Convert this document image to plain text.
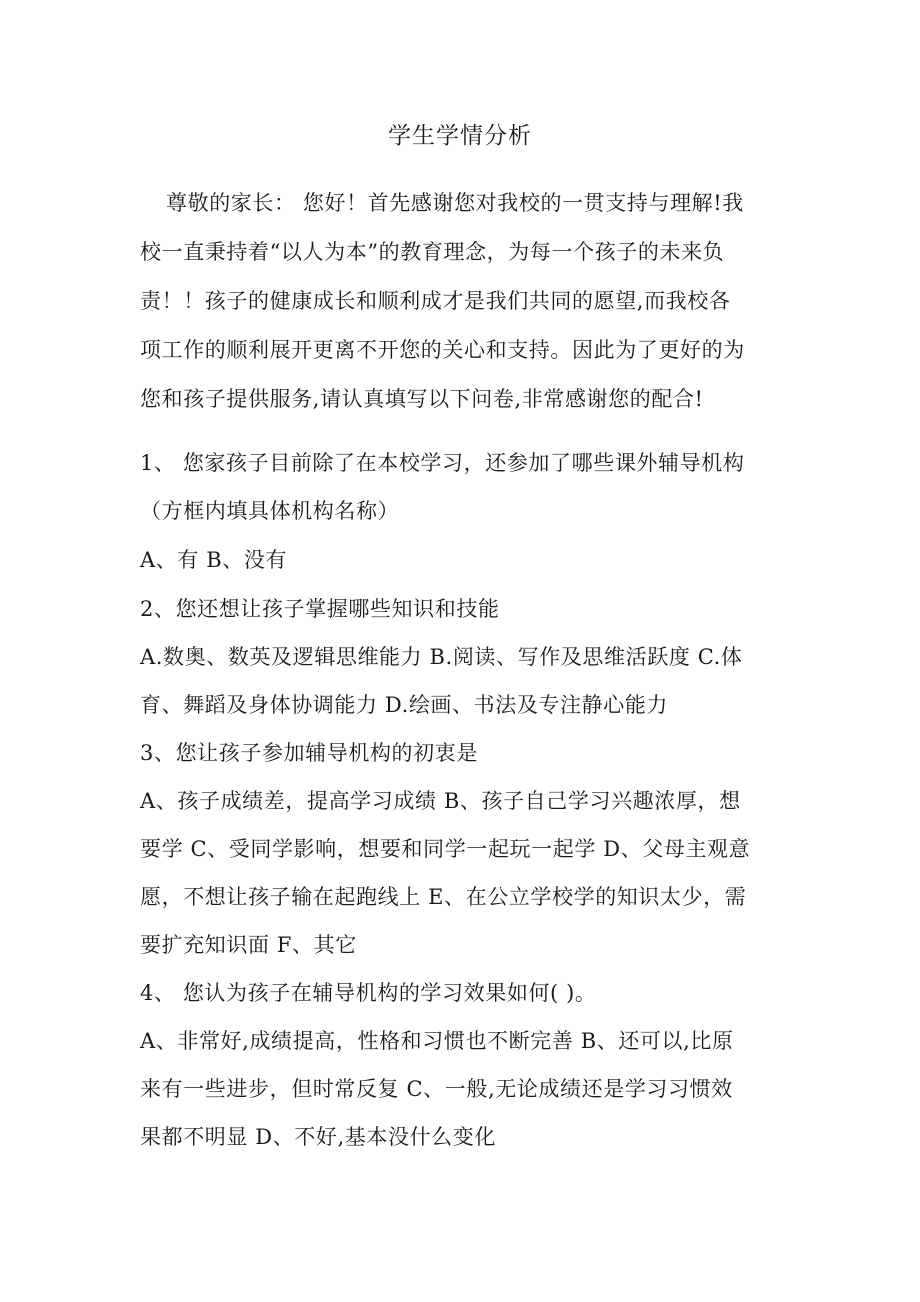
学生学情分析
尊敬的家长： 您好！首先感谢您对我校的一贯支持与理解!我
校一直秉持着“以人为本”的教育理念，为每一个孩子的未来负
责！！孩子的健康成长和顺利成才是我们共同的愿望,而我校各
项工作的顺利展开更离不开您的关心和支持。因此为了更好的为
您和孩子提供服务,请认真填写以下问卷,非常感谢您的配合!
1、 您家孩子目前除了在本校学习，还参加了哪些课外辅导机构
（方框内填具体机构名称）
A、有 B、没有
2、您还想让孩子掌握哪些知识和技能
A.数奥、数英及逻辑思维能力 B.阅读、写作及思维活跃度 C.体
育、舞蹈及身体协调能力 D.绘画、书法及专注静心能力
3、您让孩子参加辅导机构的初衷是
A、孩子成绩差，提高学习成绩 B、孩子自己学习兴趣浓厚，想
要学 C、受同学影响，想要和同学一起玩一起学 D、父母主观意
愿，不想让孩子输在起跑线上 E、在公立学校学的知识太少，需
要扩充知识面 F、其它
4、 您认为孩子在辅导机构的学习效果如何( )。
A、非常好,成绩提高，性格和习惯也不断完善 B、还可以,比原
来有一些进步，但时常反复 C、一般,无论成绩还是学习习惯效
果都不明显 D、不好,基本没什么变化
